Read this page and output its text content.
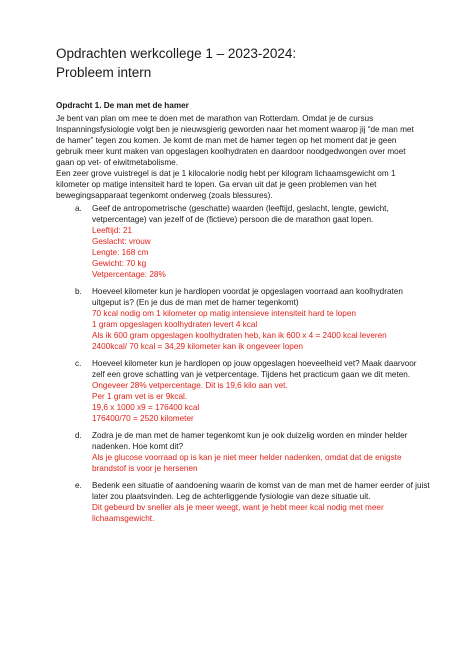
Opdrachten werkcollege 1 – 2023-2024:
Probleem intern
Opdracht 1. De man met de hamer

Je bent van plan om mee te doen met de marathon van Rotterdam. Omdat je de cursus

Inspanningsfysiologie volgt ben je nieuwsgierig geworden naar het moment waarop jij “de man met

de hamer” tegen zou komen. Je komt de man met de hamer tegen op het moment dat je geen

gebruik meer kunt maken van opgeslagen koolhydraten en daardoor noodgedwongen over moet

gaan op vet- of eiwitmetabolisme.

Een zeer grove vuistregel is dat je 1 kilocalorie nodig hebt per kilogram lichaamsgewicht om 1

kilometer op matige intensiteit hard te lopen. Ga ervan uit dat je geen problemen van het

bewegingsapparaat tegenkomt onderweg (zoals blessures).

a. Geef de antropometrische (geschatte) waarden (leeftijd, geslacht, lengte, gewicht,
vetpercentage) van jezelf of de (fictieve) persoon die de marathon gaat lopen.
Leeftijd: 21
Geslacht: vrouw
Lengte: 168 cm
Gewicht: 70 kg
Vetpercentage: 28%
b. Hoeveel kilometer kun je hardlopen voordat je opgeslagen voorraad aan koolhydraten
uitgeput is? (En je dus de man met de hamer tegenkomt)
70 kcal nodig om 1 kilometer op matig intensieve intensiteit hard te lopen
1 gram opgeslagen koolhydraten levert 4 kcal
Als ik 600 gram opgeslagen koolhydraten heb, kan ik 600 x 4 = 2400 kcal leveren
2400kcal/ 70 kcal = 34,29 kilometer kan ik ongeveer lopen
c. Hoeveel kilometer kun je hardlopen op jouw opgeslagen hoeveelheid vet? Maak daarvoor
zelf een grove schatting van je vetpercentage. Tijdens het practicum gaan we dit meten.
Ongeveer 28% vetpercentage. Dit is 19,6 kilo aan vet.
Per 1 gram vet is er 9kcal.
19,6 x 1000 x9 = 176400 kcal
176400/70 = 2520 kilometer
d. Zodra je de man met de hamer tegenkomt kun je ook duizelig worden en minder helder
nadenken. Hoe komt dit?
Als je glucose voorraad op is kan je niet meer helder nadenken, omdat dat de enigste
brandstof is voor je hersenen
e. Bedenk een situatie of aandoening waarin de komst van de man met de hamer eerder of juist
later zou plaatsvinden. Leg de achterliggende fysiologie van deze situatie uit.
Dit gebeurd bv sneller als je meer weegt, want je hebt meer kcal nodig met meer
lichaamsgewicht.
